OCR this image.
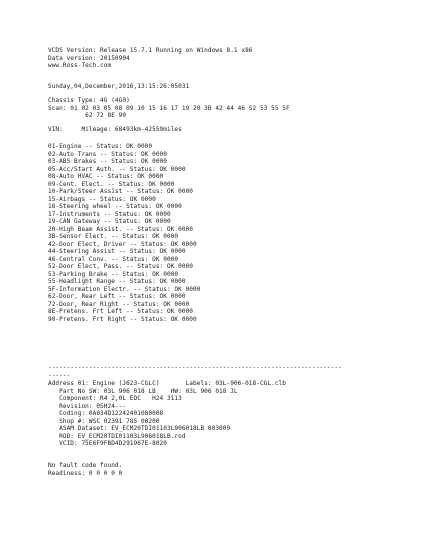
VCDS Version: Release 15.7.1 Running on Windows 8.1 x86
Data version: 20150904
www.Ross-Tech.com
Sunday,04,December,2016,13:15:26:05031
Chassis Type: 4G (4G0)
Scan: 01 02 03 05 08 09 10 15 16 17 19 20 3B 42 44 46 52 53 55 5F
62 72 8E 90
VIN:     Mileage: 68493km-42559miles
01-Engine -- Status: OK 0000
02-Auto Trans -- Status: OK 0000
03-ABS Brakes -- Status: OK 0000
05-Acc/Start Auth. -- Status: OK 0000
08-Auto HVAC -- Status: OK 0000
09-Cent. Elect. -- Status: OK 0000
10-Park/Steer Assist -- Status: OK 0000
15-Airbags -- Status: OK 0000
16-Steering wheel -- Status: OK 0000
17-Instruments -- Status: OK 0000
19-CAN Gateway -- Status: OK 0000
20-High Beam Assist. -- Status: OK 0000
3B-Sensor Elect. -- Status: OK 0000
42-Door Elect, Driver -- Status: OK 0000
44-Steering Assist -- Status: OK 0000
46-Central Conv. -- Status: OK 0000
52-Door Elect, Pass. -- Status: OK 0000
53-Parking Brake -- Status: OK 0000
55-Headlight Range -- Status: OK 0000
5F-Information Electr. -- Status: OK 0000
62-Door, Rear Left -- Status: OK 0000
72-Door, Rear Right -- Status: OK 0000
8E-Pretens. Frt Left -- Status: OK 0000
90-Pretens. Frt Right -- Status: OK 0000
-------------------------------------------------------------------------------
------
Address 01: Engine (J623-CGLC)       Labels: 03L-906-018-CGL.clb
Part No SW: 03L 906 018 LB    HW: 03L 906 018 JL
Component: R4 2,0L EDC   H24 3113
Revision: 05H24---
Coding: 0A034D12242401080008
Shop #: WSC 02391 785 00200
ASAM Dataset: EV_ECM20TDI01103L906018LB 003009
ROD: EV_ECM20TDI01103L906018LB.rod
VCID: 75E6F9FBD4D291967E-8020
No fault code found.
Readiness: 0 0 0 0 0
